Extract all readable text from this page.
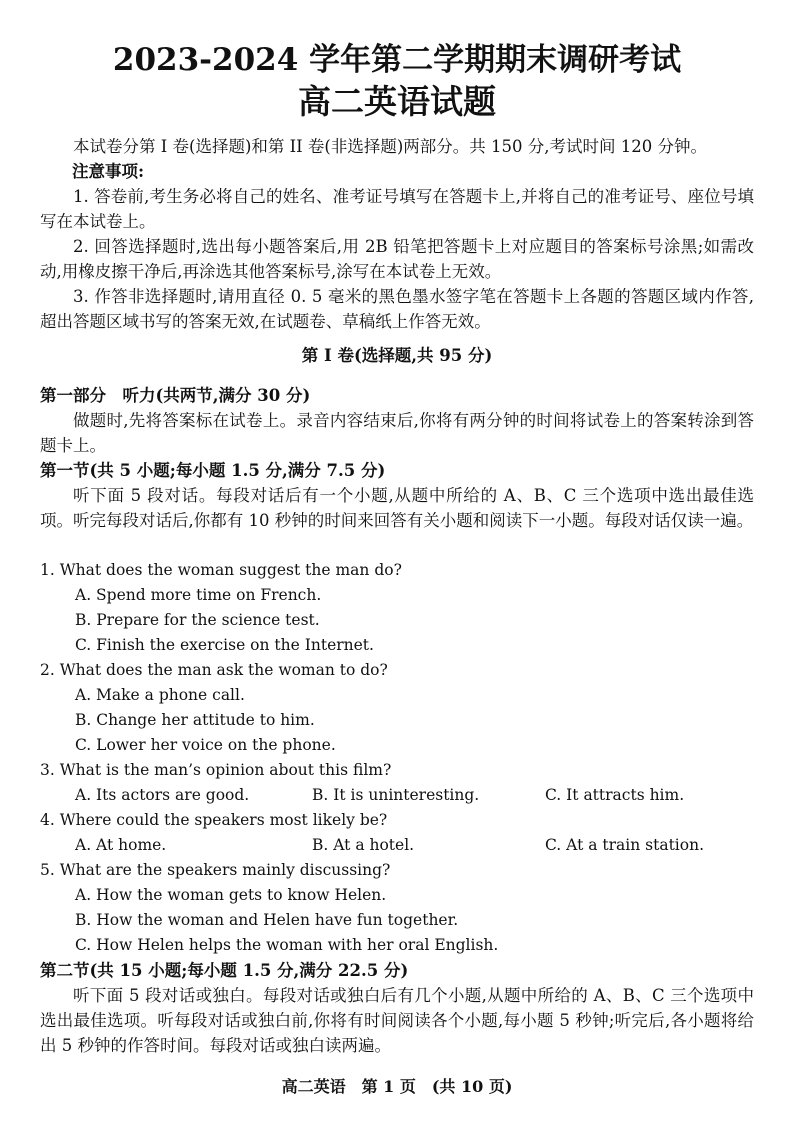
2023-2024 学年第二学期期末调研考试
高二英语试题
本试卷分第 I 卷(选择题)和第 II 卷(非选择题)两部分。共 150 分,考试时间 120 分钟。
注意事项:
1. 答卷前,考生务必将自己的姓名、准考证号填写在答题卡上,并将自己的准考证号、座位号填写在本试卷上。
2. 回答选择题时,选出每小题答案后,用 2B 铅笔把答题卡上对应题目的答案标号涂黑;如需改动,用橡皮擦干净后,再涂选其他答案标号,涂写在本试卷上无效。
3. 作答非选择题时,请用直径 0. 5 毫米的黑色墨水签字笔在答题卡上各题的答题区域内作答,超出答题区域书写的答案无效,在试题卷、草稿纸上作答无效。
第 I 卷(选择题,共 95 分)
第一部分　听力(共两节,满分 30 分)
做题时,先将答案标在试卷上。录音内容结束后,你将有两分钟的时间将试卷上的答案转涂到答题卡上。
第一节(共 5 小题;每小题 1.5 分,满分 7.5 分)
听下面 5 段对话。每段对话后有一个小题,从题中所给的 A、B、C 三个选项中选出最佳选项。听完每段对话后,你都有 10 秒钟的时间来回答有关小题和阅读下一小题。每段对话仅读一遍。
1. What does the woman suggest the man do?
A. Spend more time on French.
B. Prepare for the science test.
C. Finish the exercise on the Internet.
2. What does the man ask the woman to do?
A. Make a phone call.
B. Change her attitude to him.
C. Lower her voice on the phone.
3. What is the man’s opinion about this film?
A. Its actors are good.	B. It is uninteresting.	C. It attracts him.
4. Where could the speakers most likely be?
A. At home.	B. At a hotel.	C. At a train station.
5. What are the speakers mainly discussing?
A. How the woman gets to know Helen.
B. How the woman and Helen have fun together.
C. How Helen helps the woman with her oral English.
第二节(共 15 小题;每小题 1.5 分,满分 22.5 分)
听下面 5 段对话或独白。每段对话或独白后有几个小题,从题中所给的 A、B、C 三个选项中选出最佳选项。听每段对话或独白前,你将有时间阅读各个小题,每小题 5 秒钟;听完后,各小题将给出 5 秒钟的作答时间。每段对话或独白读两遍。
高二英语　第 1 页　(共 10 页)
